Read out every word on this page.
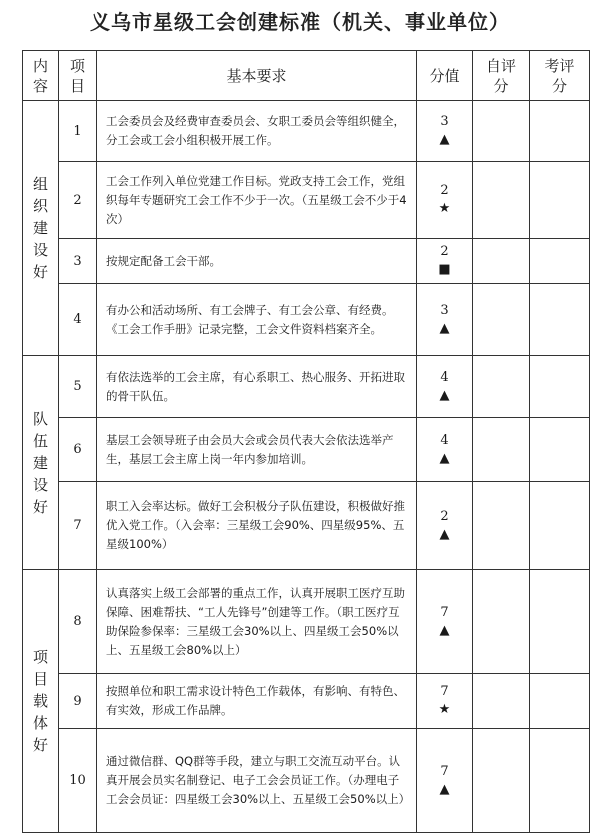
义乌市星级工会创建标准（机关、事业单位）
内容	项目	基本要求	分值	自评分	考评分
组织建设好	1	工会委员会及经费审查委员会、女职工委员会等组织健全，分工会或工会小组积极开展工作。	3
▲		

	2	工会工作列入单位党建工作目标。党政支持工会工作，党组织每年专题研究工会工作不少于一次。（五星级工会不少于4次）	2
★		

	3	按规定配备工会干部。	2
■		

	4	有办公和活动场所、有工会牌子、有工会公章、有经费。《工会工作手册》记录完整，工会文件资料档案齐全。	3
▲		

队伍建设好	5	有依法选举的工会主席，有心系职工、热心服务、开拓进取的骨干队伍。	4
▲		

	6	基层工会领导班子由会员大会或会员代表大会依法选举产生，基层工会主席上岗一年内参加培训。	4
▲		

	7	职工入会率达标。做好工会积极分子队伍建设，积极做好推优入党工作。（入会率：三星级工会90%、四星级95%、五星级100%）	2
▲		

项目载体好	8	认真落实上级工会部署的重点工作，认真开展职工医疗互助保障、困难帮扶、“工人先锋号”创建等工作。（职工医疗互助保险参保率：三星级工会30%以上、四星级工会50%以上、五星级工会80%以上）	7
▲		

	9	按照单位和职工需求设计特色工作载体，有影响、有特色、有实效，形成工作品牌。	7
★		

	10	通过微信群、QQ群等手段，建立与职工交流互动平台。认真开展会员实名制登记、电子工会会员证工作。（办理电子工会会员证：四星级工会30%以上、五星级工会50%以上）	7
▲		
